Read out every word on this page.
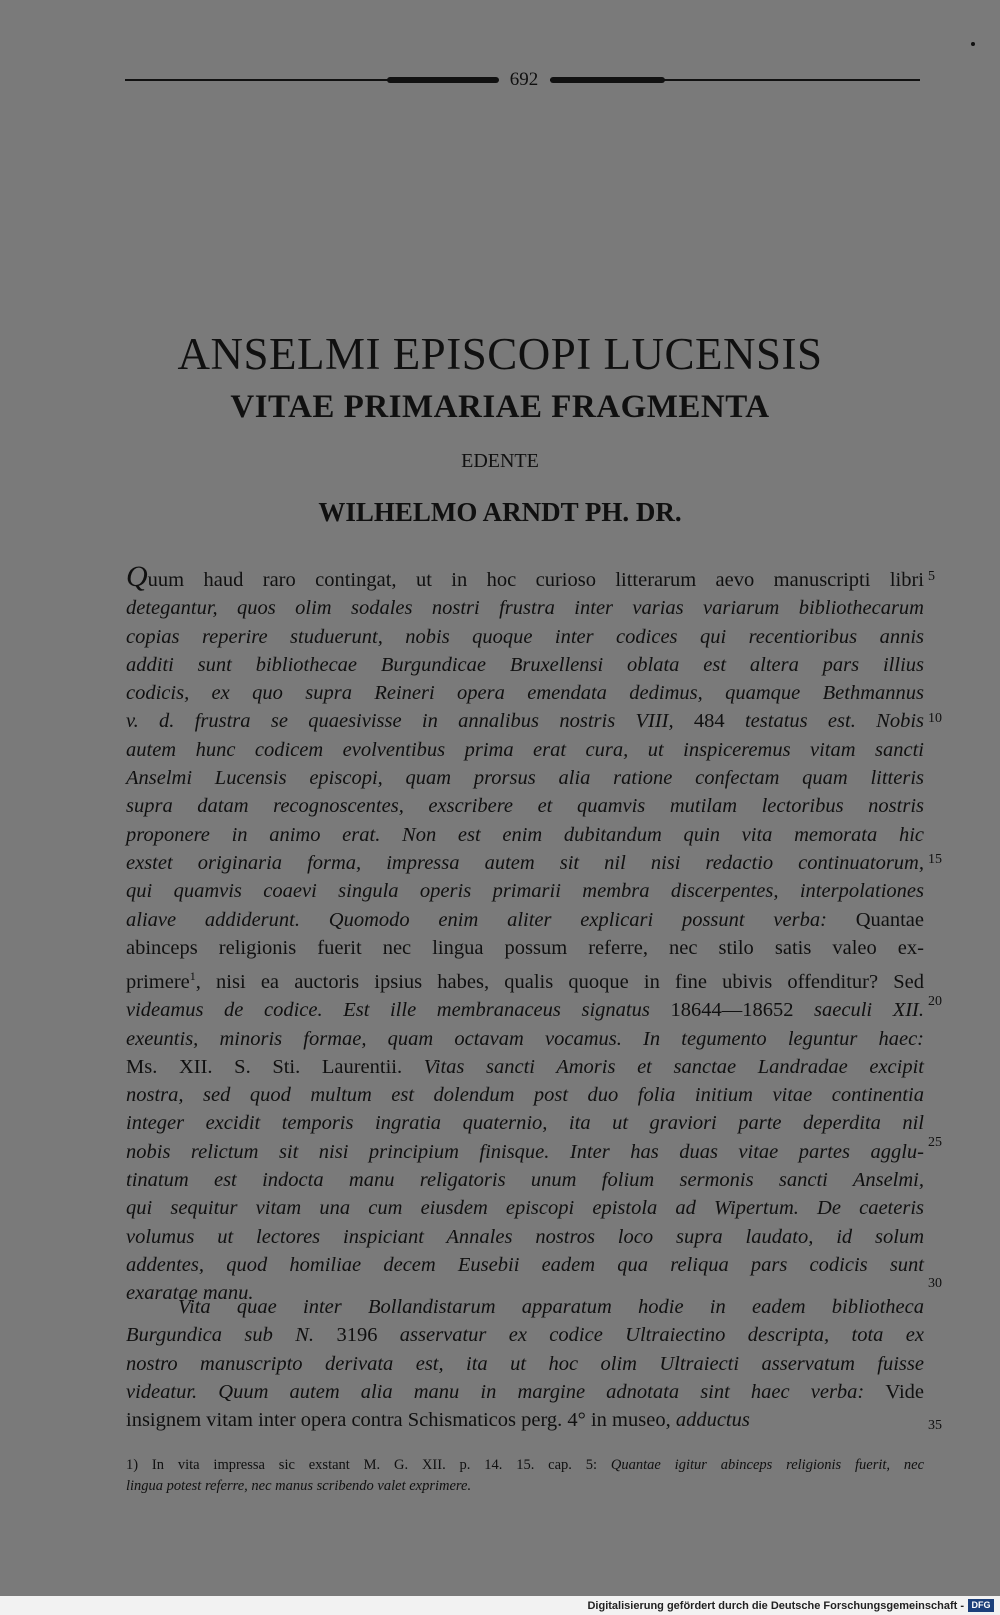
692
ANSELMI EPISCOPI LUCENSIS
VITAE PRIMARIAE FRAGMENTA
EDENTE
WILHELMO ARNDT PH. DR.
Quum haud raro contingat, ut in hoc curioso litterarum aevo manuscripti libri
detegantur, quos olim sodales nostri frustra inter varias variarum bibliothecarum
copias reperire studuerunt, nobis quoque inter codices qui recentioribus annis
additi sunt bibliothecae Burgundicae Bruxellensi oblata est altera pars illius
codicis, ex quo supra Reineri opera emendata dedimus, quamque Bethmannus
v. d. frustra se quaesivisse in annalibus nostris VIII, 484 testatus est. Nobis
autem hunc codicem evolventibus prima erat cura, ut inspiceremus vitam sancti
Anselmi Lucensis episcopi, quam prorsus alia ratione confectam quam litteris
supra datam recognoscentes, exscribere et quamvis mutilam lectoribus nostris
proponere in animo erat. Non est enim dubitandum quin vita memorata hic
exstet originaria forma, impressa autem sit nil nisi redactio continuatorum,
qui quamvis coaevi singula operis primarii membra discerpentes, interpolationes
aliave addiderunt. Quomodo enim aliter explicari possunt verba: Quantae
abinceps religionis fuerit nec lingua possum referre, nec stilo satis valeo ex-
primere$^1$, nisi ea auctoris ipsius habes, qualis quoque in fine ubivis offenditur? Sed
videamus de codice. Est ille membranaceus signatus 18644—18652 saeculi XII.
exeuntis, minoris formae, quam octavam vocamus. In tegumento leguntur haec:
Ms. XII. S. Sti. Laurentii. Vitas sancti Amoris et sanctae Landradae excipit
nostra, sed quod multum est dolendum post duo folia initium vitae continentia
integer excidit temporis ingratia quaternio, ita ut graviori parte deperdita nil
nobis relictum sit nisi principium finisque. Inter has duas vitae partes agglu-
tinatum est indocta manu religatoris unum folium sermonis sancti Anselmi,
qui sequitur vitam una cum eiusdem episcopi epistola ad Wipertum. De caeteris
volumus ut lectores inspiciant Annales nostros loco supra laudato, id solum
addentes, quod homiliae decem Eusebii eadem qua reliqua pars codicis sunt
exaratae manu.
Vita quae inter Bollandistarum apparatum hodie in eadem bibliotheca
Burgundica sub N. 3196 asservatur ex codice Ultraiectino descripta, tota ex
nostro manuscripto derivata est, ita ut hoc olim Ultraiecti asservatum fuisse
videatur. Quum autem alia manu in margine adnotata sint haec verba: Vide
insignem vitam inter opera contra Schismaticos perg. 4° in museo, adductus
5
10
15
20
25
30
35
1) In vita impressa sic exstant M. G. XII. p. 14. 15. cap. 5: Quantae igitur abinceps religionis fuerit, nec
lingua potest referre, nec manus scribendo valet exprimere.
Digitalisierung gefördert durch die Deutsche Forschungsgemeinschaft - DFG
